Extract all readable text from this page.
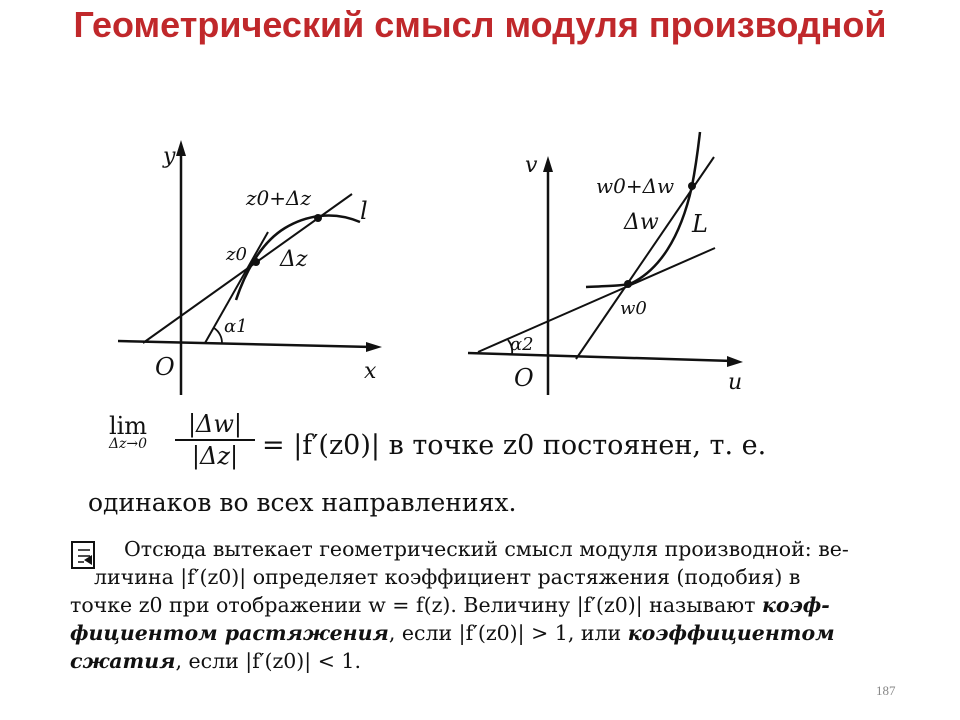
Геометрический смысл модуля производной
y
x
O
l
z0
z0+Δz
Δz
α1
v
u
O
L
w0
w0+Δw
Δw
α2
lim
Δz→0	$\frac{|\Delta w|}{|\Delta z|} = |f'(z0)|$ в точке z0 постоянен, т. е.
одинаков во всех направлениях.

Отсюда вытекает геометрический смысл модуля производной: ве-

личина |f′(z0)| определяет коэффициент растяжения (подобия) в

точке z0 при отображении w = f(z). Величину |f′(z0)| называют коэф-

фициентом растяжения, если |f′(z0)| > 1, или коэффициентом

сжатия, если |f′(z0)| < 1.

187
